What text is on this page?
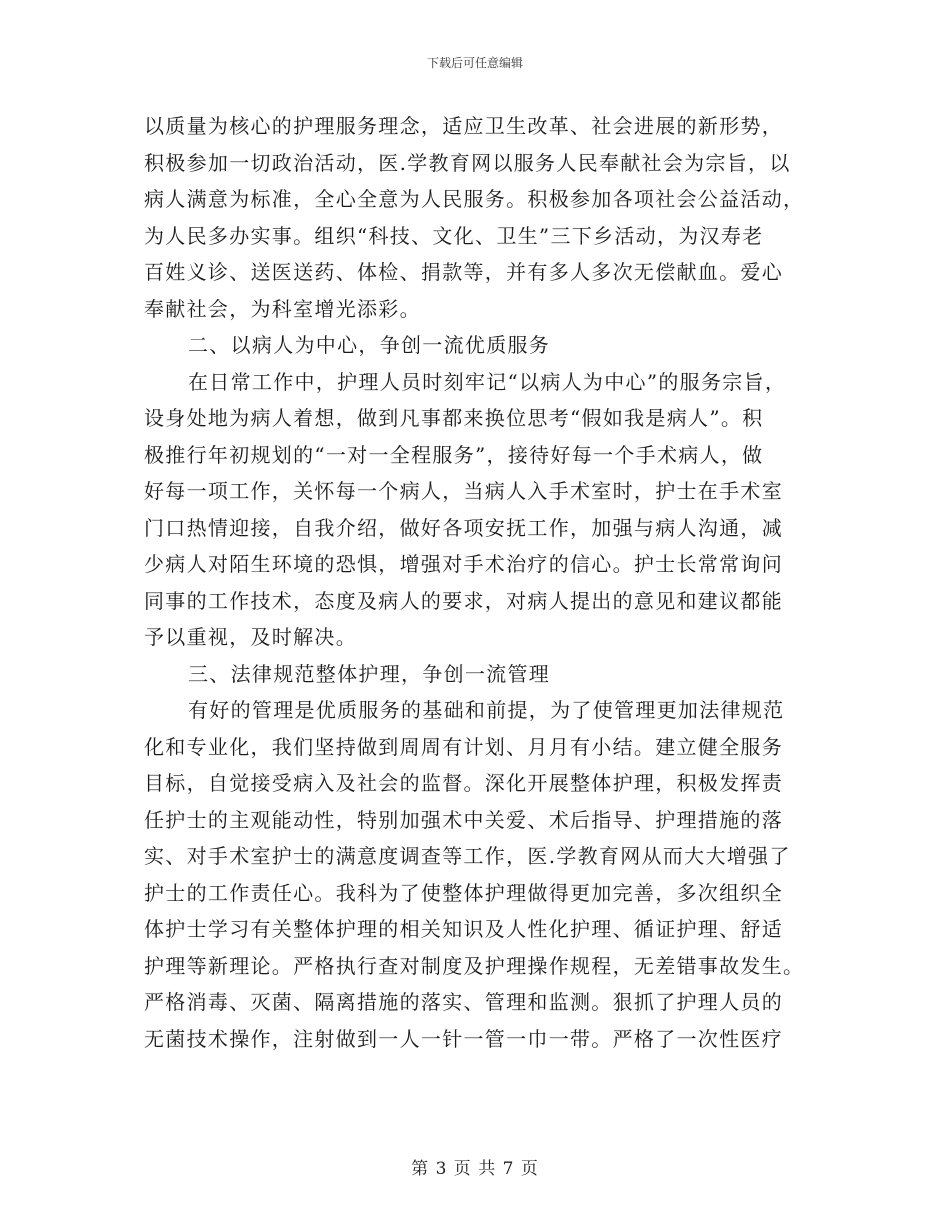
下载后可任意编辑
以质量为核心的护理服务理念，适应卫生改革、社会进展的新形势，
积极参加一切政治活动，医.学教育网以服务人民奉献社会为宗旨，以
病人满意为标准，全心全意为人民服务。积极参加各项社会公益活动，
为人民多办实事。组织“科技、文化、卫生”三下乡活动，为汉寿老
百姓义诊、送医送药、体检、捐款等，并有多人多次无偿献血。爱心
奉献社会，为科室增光添彩。
二、以病人为中心，争创一流优质服务
在日常工作中，护理人员时刻牢记“以病人为中心”的服务宗旨，
设身处地为病人着想，做到凡事都来换位思考“假如我是病人”。积
极推行年初规划的“一对一全程服务”，接待好每一个手术病人，做
好每一项工作，关怀每一个病人，当病人入手术室时，护士在手术室
门口热情迎接，自我介绍，做好各项安抚工作，加强与病人沟通，减
少病人对陌生环境的恐惧，增强对手术治疗的信心。护士长常常询问
同事的工作技术，态度及病人的要求，对病人提出的意见和建议都能
予以重视，及时解决。
三、法律规范整体护理，争创一流管理
有好的管理是优质服务的基础和前提，为了使管理更加法律规范
化和专业化，我们坚持做到周周有计划、月月有小结。建立健全服务
目标，自觉接受病入及社会的监督。深化开展整体护理，积极发挥责
任护士的主观能动性，特别加强术中关爱、术后指导、护理措施的落
实、对手术室护士的满意度调查等工作，医.学教育网从而大大增强了
护士的工作责任心。我科为了使整体护理做得更加完善，多次组织全
体护士学习有关整体护理的相关知识及人性化护理、循证护理、舒适
护理等新理论。严格执行查对制度及护理操作规程，无差错事故发生。
严格消毒、灭菌、隔离措施的落实、管理和监测。狠抓了护理人员的
无菌技术操作，注射做到一人一针一管一巾一带。严格了一次性医疗
第 3 页 共 7 页
